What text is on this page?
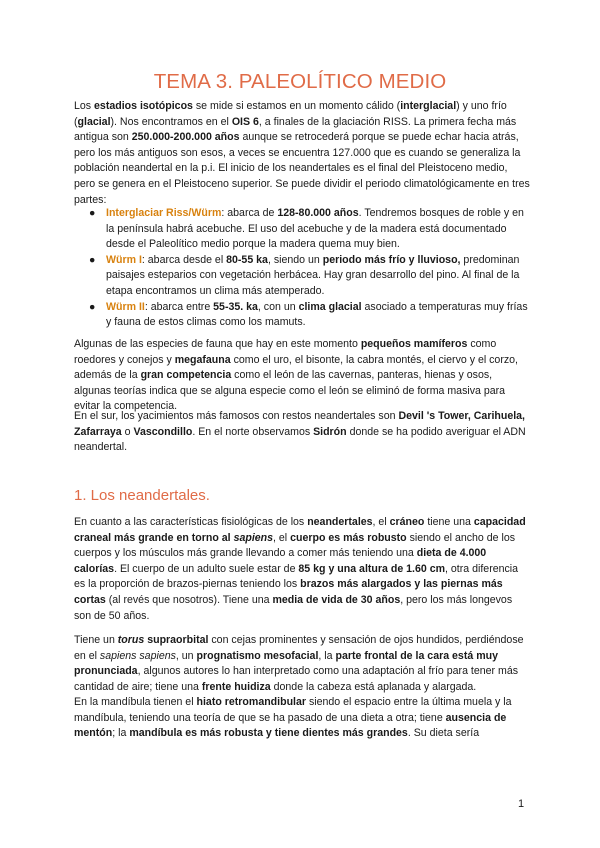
TEMA 3. PALEOLÍTICO MEDIO
Los estadios isotópicos se mide si estamos en un momento cálido (interglacial) y uno frío (glacial). Nos encontramos en el OIS 6, a finales de la glaciación RISS. La primera fecha más antigua son 250.000-200.000 años aunque se retrocederá porque se puede echar hacia atrás, pero los más antiguos son esos, a veces se encuentra 127.000 que es cuando se generaliza la población neandertal en la p.i. El inicio de los neandertales es el final del Pleistoceno medio, pero se genera en el Pleistoceno superior. Se puede dividir el periodo climatológicamente en tres partes:
● Interglaciar Riss/Würm: abarca de 128-80.000 años. Tendremos bosques de roble y en la península habrá acebuche. El uso del acebuche y de la madera está documentado desde el Paleolítico medio porque la madera quema muy bien.
● Würm I: abarca desde el 80-55 ka, siendo un periodo más frío y lluvioso, predominan paisajes esteparios con vegetación herbácea. Hay gran desarrollo del pino. Al final de la etapa encontramos un clima más atemperado.
● Würm II: abarca entre 55-35. ka, con un clima glacial asociado a temperaturas muy frías y fauna de estos climas como los mamuts.
Algunas de las especies de fauna que hay en este momento pequeños mamíferos como roedores y conejos y megafauna como el uro, el bisonte, la cabra montés, el ciervo y el corzo, además de la gran competencia como el león de las cavernas, panteras, hienas y osos, algunas teorías indica que se alguna especie como el león se eliminó de forma masiva para evitar la competencia.
En el sur, los yacimientos más famosos con restos neandertales son Devil 's Tower, Carihuela, Zafarraya o Vascondillo. En el norte observamos Sidrón donde se ha podido averiguar el ADN neandertal.
1. Los neandertales.
En cuanto a las características fisiológicas de los neandertales, el cráneo tiene una capacidad craneal más grande en torno al sapiens, el cuerpo es más robusto siendo el ancho de los cuerpos y los músculos más grande llevando a comer más teniendo una dieta de 4.000 calorías. El cuerpo de un adulto suele estar de 85 kg y una altura de 1.60 cm, otra diferencia es la proporción de brazos-piernas teniendo los brazos más alargados y las piernas más cortas (al revés que nosotros). Tiene una media de vida de 30 años, pero los más longevos son de 50 años.
Tiene un torus supraorbital con cejas prominentes y sensación de ojos hundidos, perdiéndose en el sapiens sapiens, un prognatismo mesofacial, la parte frontal de la cara está muy pronunciada, algunos autores lo han interpretado como una adaptación al frío para tener más cantidad de aire; tiene una frente huidiza donde la cabeza está aplanada y alargada.
En la mandíbula tienen el hiato retromandibular siendo el espacio entre la última muela y la mandíbula, teniendo una teoría de que se ha pasado de una dieta a otra; tiene ausencia de mentón; la mandíbula es más robusta y tiene dientes más grandes. Su dieta sería
1
